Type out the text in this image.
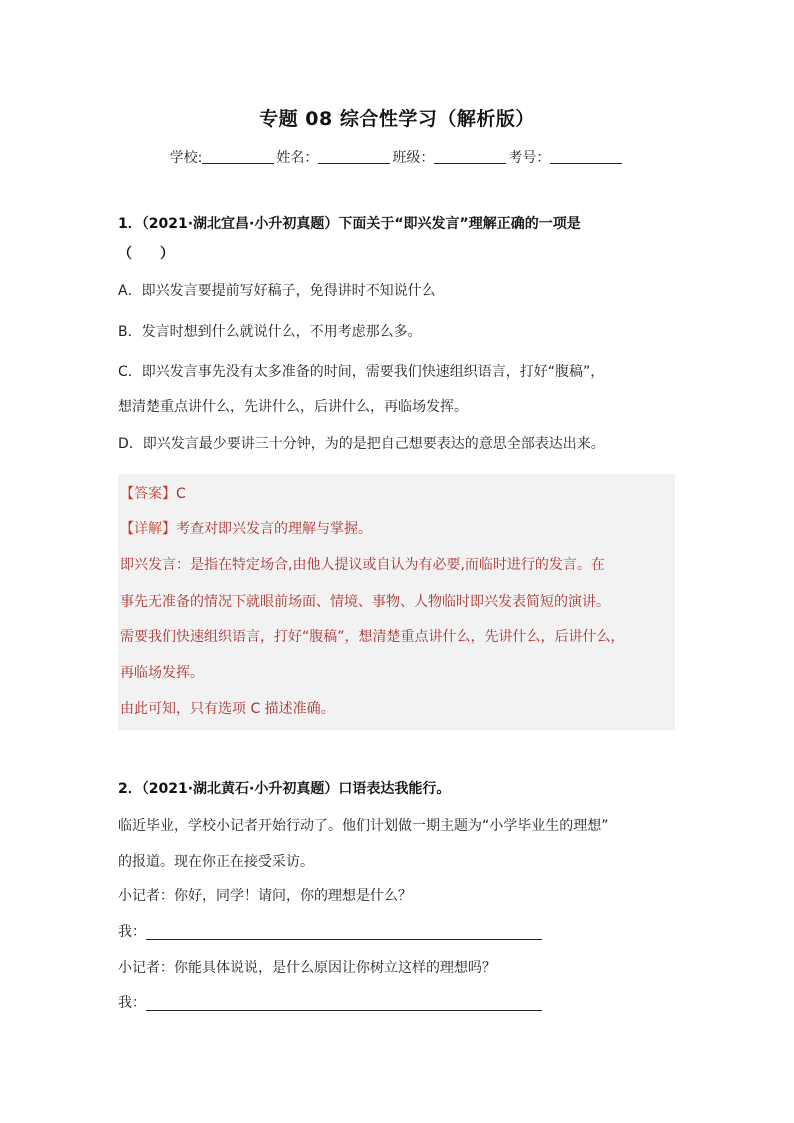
专题 08 综合性学习（解析版）
学校:	姓名：	班级：	考号：

1．（2021·湖北宜昌·小升初真题）下面关于“即兴发言”理解正确的一项是

（　　）

A．即兴发言要提前写好稿子，免得讲时不知说什么

B．发言时想到什么就说什么，不用考虑那么多。

C．即兴发言事先没有太多准备的时间，需要我们快速组织语言，打好“腹稿”，

想清楚重点讲什么，先讲什么，后讲什么，再临场发挥。

D．即兴发言最少要讲三十分钟，为的是把自己想要表达的意思全部表达出来。

【答案】C
【详解】考查对即兴发言的理解与掌握。
即兴发言：是指在特定场合,由他人提议或自认为有必要,而临时进行的发言。在
事先无准备的情况下就眼前场面、情境、事物、人物临时即兴发表简短的演讲。
需要我们快速组织语言，打好“腹稿”，想清楚重点讲什么，先讲什么，后讲什么，
再临场发挥。
由此可知，只有选项 C 描述准确。

2．（2021·湖北黄石·小升初真题）口语表达我能行。

临近毕业，学校小记者开始行动了。他们计划做一期主题为“小学毕业生的理想”

的报道。现在你正在接受采访。

小记者：你好，同学！请问，你的理想是什么？

我：

小记者：你能具体说说，是什么原因让你树立这样的理想吗？

我：
